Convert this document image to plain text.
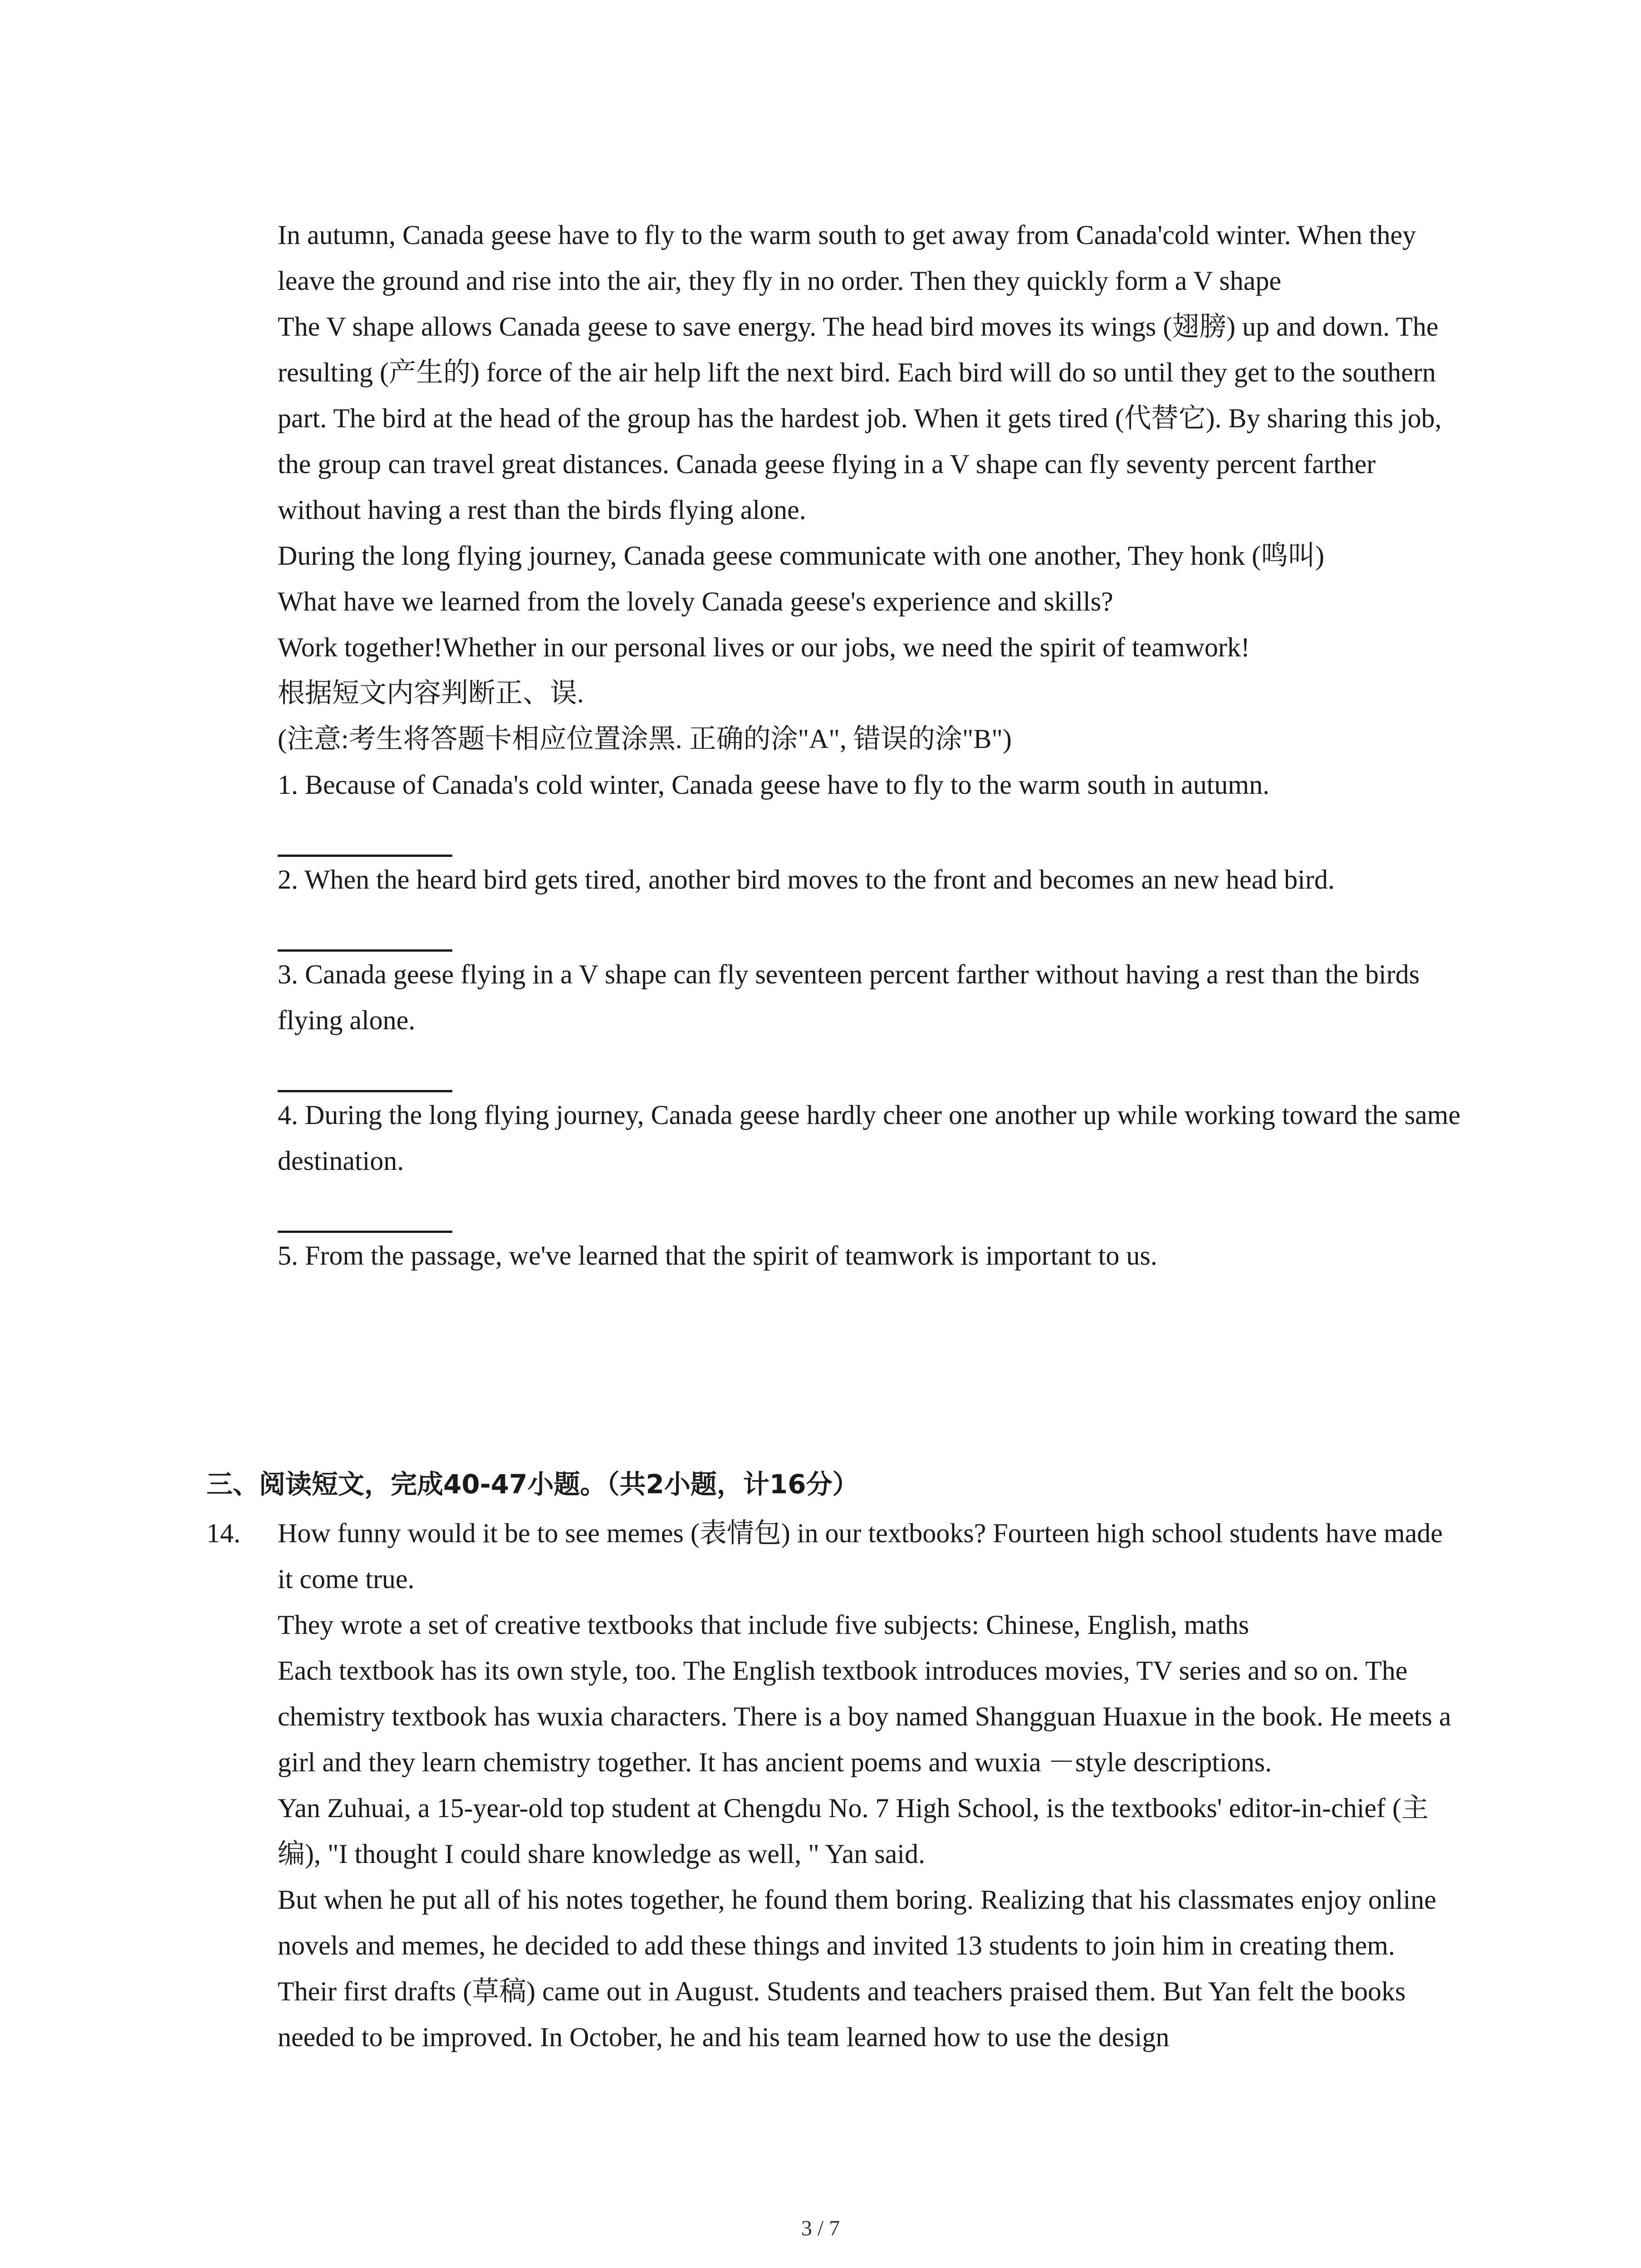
In autumn, Canada geese have to fly to the warm south to get away from Canada'cold winter. When they leave the ground and rise into the air, they fly in no order. Then they quickly form a V shape

The V shape allows Canada geese to save energy. The head bird moves its wings (翅膀) up and down. The resulting (产生的) force of the air help lift the next bird. Each bird will do so until they get to the southern part. The bird at the head of the group has the hardest job. When it gets tired (代替它). By sharing this job, the group can travel great distances. Canada geese flying in a V shape can fly seventy percent farther without having a rest than the birds flying alone.

During the long flying journey, Canada geese communicate with one another, They honk (鸣叫)

What have we learned from the lovely Canada geese's experience and skills?

Work together!Whether in our personal lives or our jobs, we need the spirit of teamwork!

根据短文内容判断正、误.

(注意:考生将答题卡相应位置涂黑. 正确的涂"A", 错误的涂"B")

1. Because of Canada's cold winter, Canada geese have to fly to the warm south in autumn.

2. When the heard bird gets tired, another bird moves to the front and becomes an new head bird.

3. Canada geese flying in a V shape can fly seventeen percent farther without having a rest than the birds flying alone.

4. During the long flying journey, Canada geese hardly cheer one another up while working toward the same destination.

5. From the passage, we've learned that the spirit of teamwork is important to us.

三、阅读短文，完成40-47小题。（共2小题，计16分）
14. How funny would it be to see memes (表情包) in our textbooks? Fourteen high school students have made it come true.

They wrote a set of creative textbooks that include five subjects: Chinese, English, maths

Each textbook has its own style, too. The English textbook introduces movies, TV series and so on. The chemistry textbook has wuxia characters. There is a boy named Shangguan Huaxue in the book. He meets a girl and they learn chemistry together. It has ancient poems and wuxia －style descriptions.

Yan Zuhuai, a 15-year-old top student at Chengdu No. 7 High School, is the textbooks' editor-in-chief (主编), "I thought I could share knowledge as well, " Yan said.

But when he put all of his notes together, he found them boring. Realizing that his classmates enjoy online novels and memes, he decided to add these things and invited 13 students to join him in creating them.

Their first drafts (草稿) came out in August. Students and teachers praised them. But Yan felt the books needed to be improved. In October, he and his team learned how to use the design

3 / 7
